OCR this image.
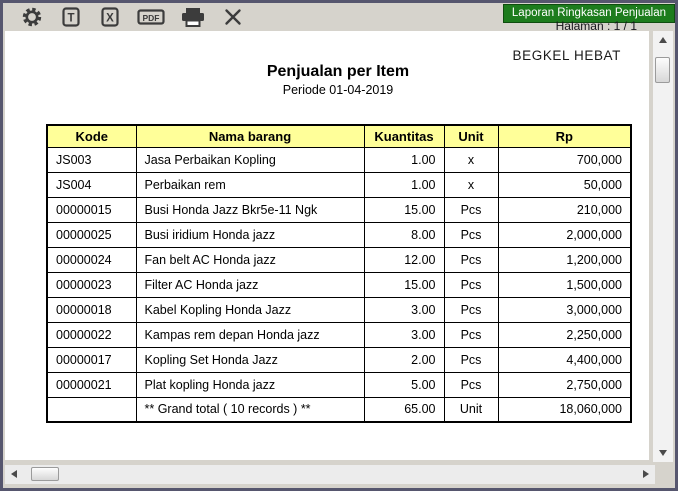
T	X	PDF	Laporan Ringkasan Penjualan
Halaman : 1 / 1
BEGKEL HEBAT
Penjualan per Item
Periode 01-04-2019
Kode	Nama barang	Kuantitas	Unit	Rp
JS003	Jasa Perbaikan Kopling	1.00	x	700,000
JS004	Perbaikan rem	1.00	x	50,000
00000015	Busi Honda Jazz Bkr5e-11 Ngk	15.00	Pcs	210,000
00000025	Busi iridium Honda jazz	8.00	Pcs	2,000,000
00000024	Fan belt AC Honda jazz	12.00	Pcs	1,200,000
00000023	Filter AC Honda jazz	15.00	Pcs	1,500,000
00000018	Kabel Kopling Honda Jazz	3.00	Pcs	3,000,000
00000022	Kampas rem depan Honda jazz	3.00	Pcs	2,250,000
00000017	Kopling Set Honda Jazz	2.00	Pcs	4,400,000
00000021	Plat kopling Honda jazz	5.00	Pcs	2,750,000
	** Grand total ( 10 records ) **	65.00	Unit	18,060,000
